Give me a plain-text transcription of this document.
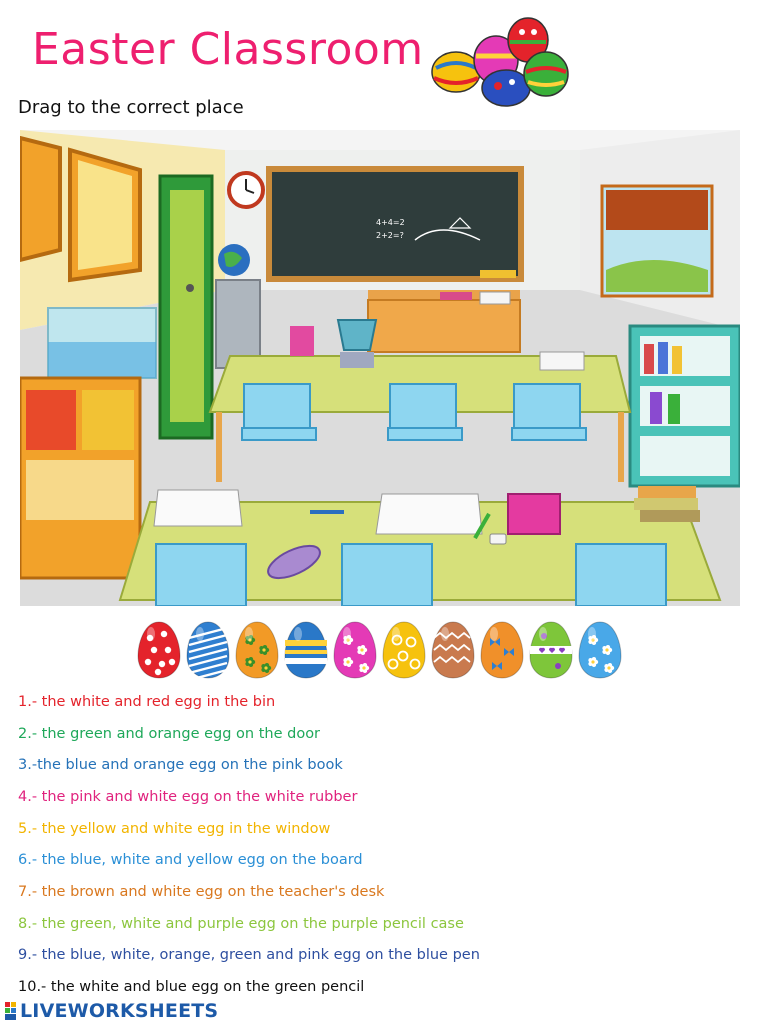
Easter Classroom
Drag to the correct place
4+4=2
2+2=?
1.- the white and red egg in the bin
2.- the green and orange egg on the door
3.-the blue and orange egg on the pink book
4.- the pink and white egg on the white rubber
5.- the yellow and white egg in the window
6.- the blue, white and yellow egg on the board
7.- the brown and white egg on the teacher's desk
8.- the green, white and purple egg on the purple pencil case
9.- the blue, white, orange, green and pink egg on the blue pen
10.- the white and blue egg on the green pencil
LIVEWORKSHEETS
